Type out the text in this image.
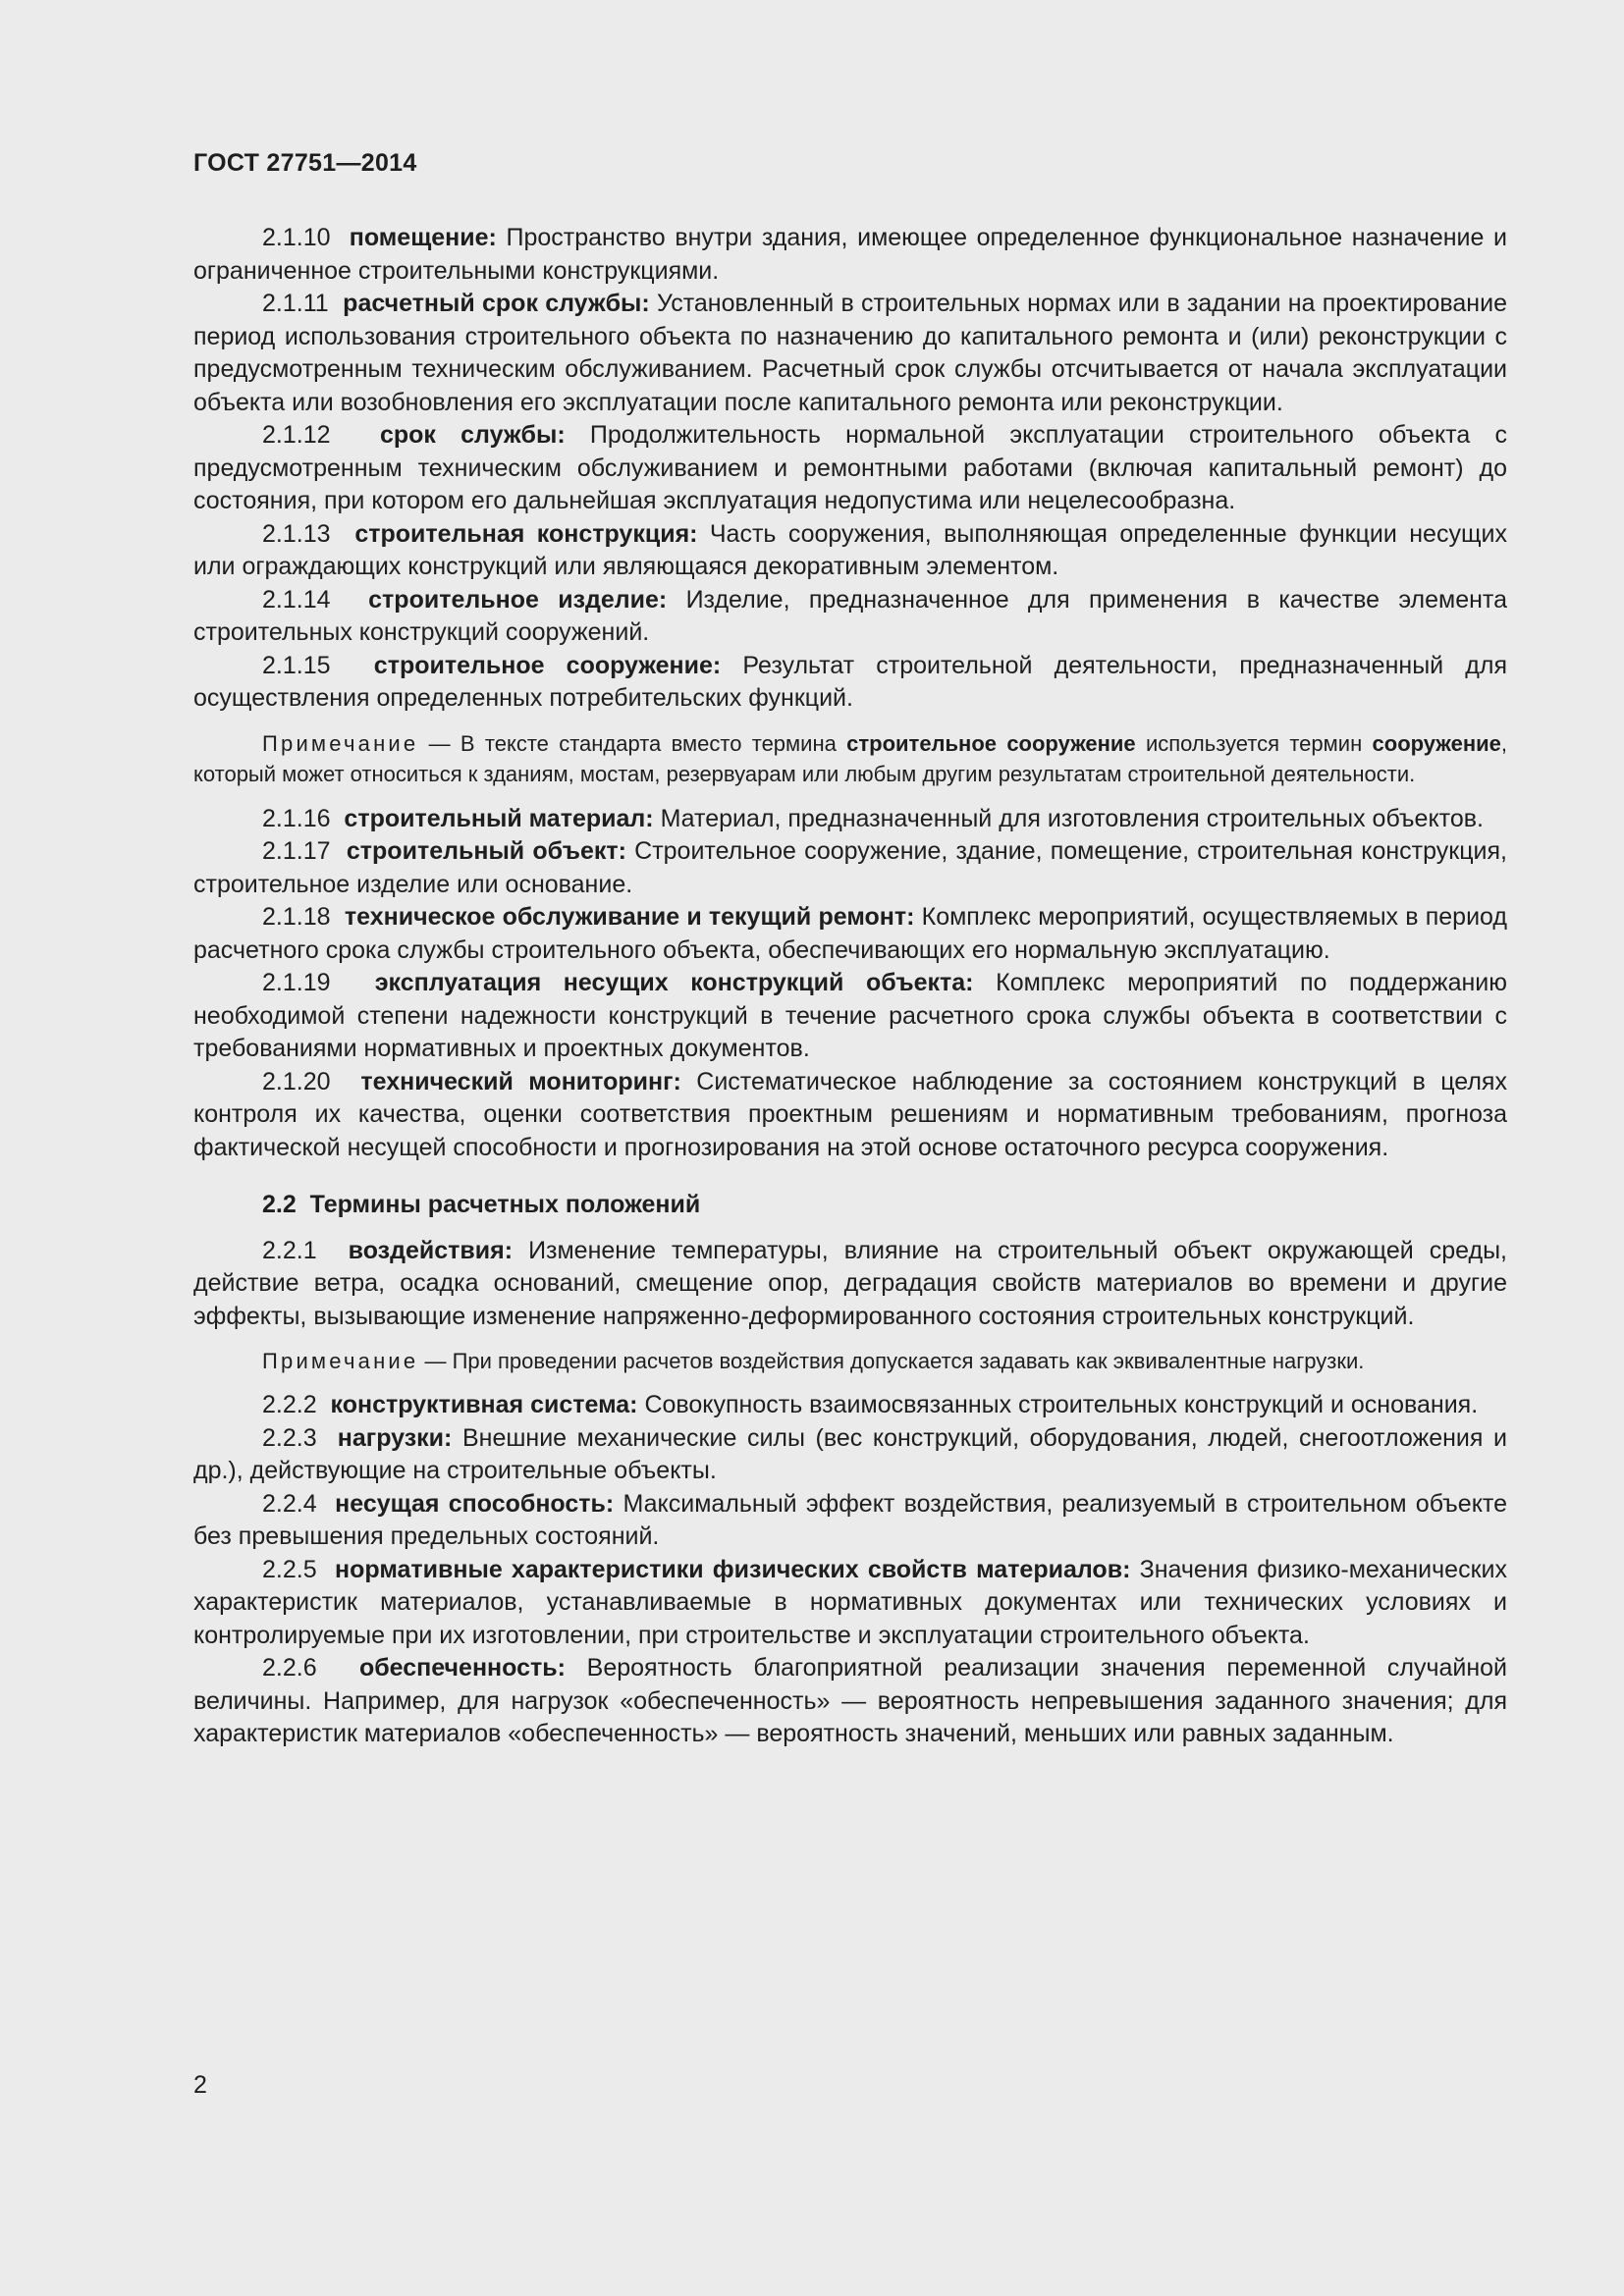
ГОСТ 27751—2014

2.1.10 помещение: Пространство внутри здания, имеющее определенное функциональное назначение и ограниченное строительными конструкциями.

2.1.11 расчетный срок службы: Установленный в строительных нормах или в задании на проектирование период использования строительного объекта по назначению до капитального ремонта и (или) реконструкции с предусмотренным техническим обслуживанием. Расчетный срок службы отсчитывается от начала эксплуатации объекта или возобновления его эксплуатации после капитального ремонта или реконструкции.

2.1.12 срок службы: Продолжительность нормальной эксплуатации строительного объекта с предусмотренным техническим обслуживанием и ремонтными работами (включая капитальный ремонт) до состояния, при котором его дальнейшая эксплуатация недопустима или нецелесообразна.

2.1.13 строительная конструкция: Часть сооружения, выполняющая определенные функции несущих или ограждающих конструкций или являющаяся декоративным элементом.

2.1.14 строительное изделие: Изделие, предназначенное для применения в качестве элемента строительных конструкций сооружений.

2.1.15 строительное сооружение: Результат строительной деятельности, предназначенный для осуществления определенных потребительских функций.

Примечание — В тексте стандарта вместо термина строительное сооружение используется термин сооружение, который может относиться к зданиям, мостам, резервуарам или любым другим результатам строительной деятельности.

2.1.16 строительный материал: Материал, предназначенный для изготовления строительных объектов.

2.1.17 строительный объект: Строительное сооружение, здание, помещение, строительная конструкция, строительное изделие или основание.

2.1.18 техническое обслуживание и текущий ремонт: Комплекс мероприятий, осуществляемых в период расчетного срока службы строительного объекта, обеспечивающих его нормальную эксплуатацию.

2.1.19 эксплуатация несущих конструкций объекта: Комплекс мероприятий по поддержанию необходимой степени надежности конструкций в течение расчетного срока службы объекта в соответствии с требованиями нормативных и проектных документов.

2.1.20 технический мониторинг: Систематическое наблюдение за состоянием конструкций в целях контроля их качества, оценки соответствия проектным решениям и нормативным требованиям, прогноза фактической несущей способности и прогнозирования на этой основе остаточного ресурса сооружения.

2.2 Термины расчетных положений

2.2.1 воздействия: Изменение температуры, влияние на строительный объект окружающей среды, действие ветра, осадка оснований, смещение опор, деградация свойств материалов во времени и другие эффекты, вызывающие изменение напряженно-деформированного состояния строительных конструкций.

Примечание — При проведении расчетов воздействия допускается задавать как эквивалентные нагрузки.

2.2.2 конструктивная система: Совокупность взаимосвязанных строительных конструкций и основания.

2.2.3 нагрузки: Внешние механические силы (вес конструкций, оборудования, людей, снегоотложения и др.), действующие на строительные объекты.

2.2.4 несущая способность: Максимальный эффект воздействия, реализуемый в строительном объекте без превышения предельных состояний.

2.2.5 нормативные характеристики физических свойств материалов: Значения физико-механических характеристик материалов, устанавливаемые в нормативных документах или технических условиях и контролируемые при их изготовлении, при строительстве и эксплуатации строительного объекта.

2.2.6 обеспеченность: Вероятность благоприятной реализации значения переменной случайной величины. Например, для нагрузок «обеспеченность» — вероятность непревышения заданного значения; для характеристик материалов «обеспеченность» — вероятность значений, меньших или равных заданным.

2
